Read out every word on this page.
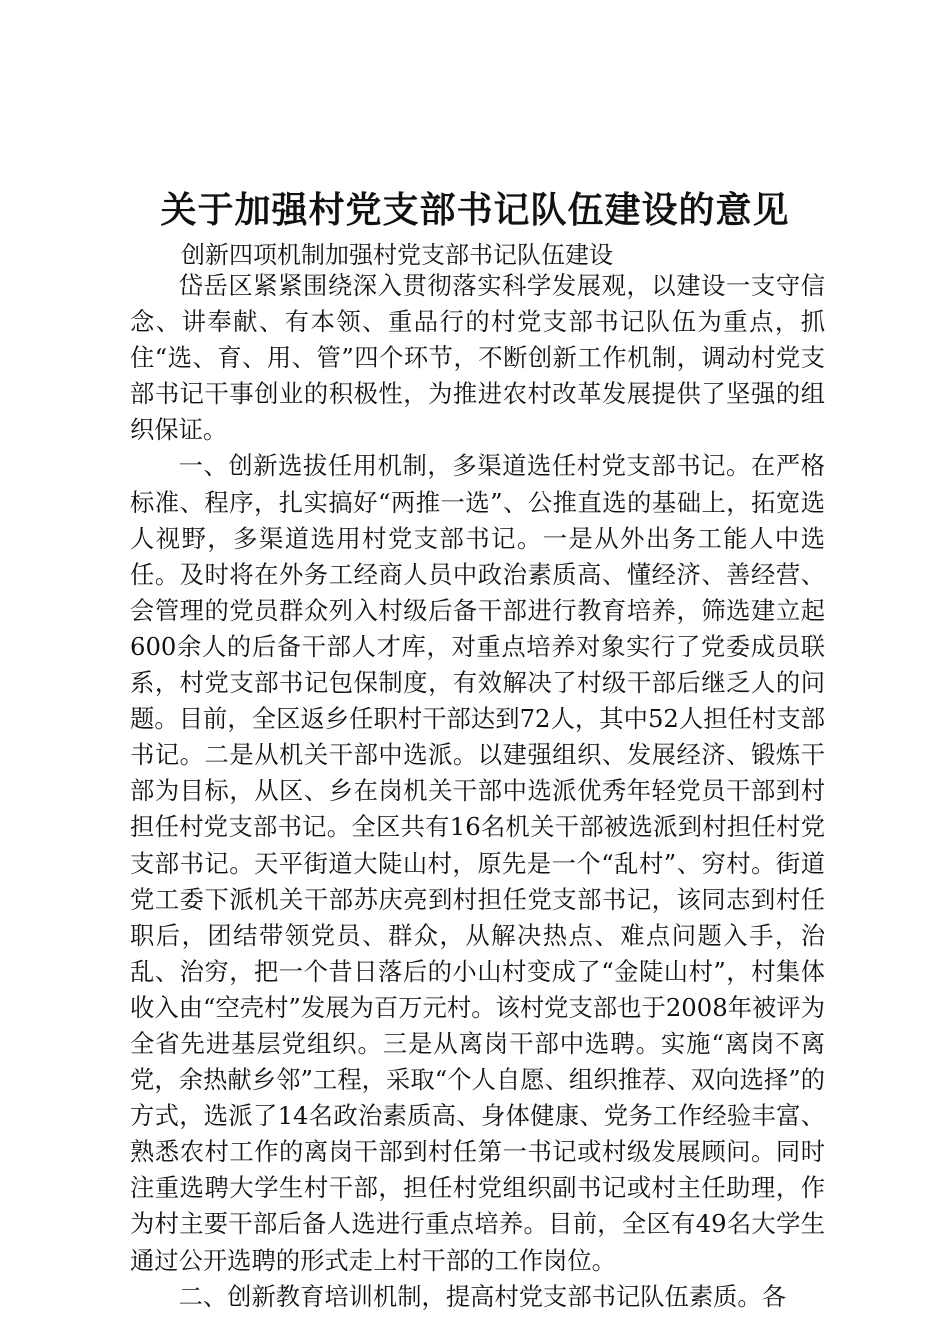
关于加强村党支部书记队伍建设的意见

创新四项机制加强村党支部书记队伍建设

岱岳区紧紧围绕深入贯彻落实科学发展观，以建设一支守信念、讲奉献、有本领、重品行的村党支部书记队伍为重点，抓住“选、育、用、管”四个环节，不断创新工作机制，调动村党支部书记干事创业的积极性，为推进农村改革发展提供了坚强的组织保证。

一、创新选拔任用机制，多渠道选任村党支部书记。在严格标准、程序，扎实搞好“两推一选”、公推直选的基础上，拓宽选人视野，多渠道选用村党支部书记。一是从外出务工能人中选任。及时将在外务工经商人员中政治素质高、懂经济、善经营、会管理的党员群众列入村级后备干部进行教育培养，筛选建立起600余人的后备干部人才库，对重点培养对象实行了党委成员联系，村党支部书记包保制度，有效解决了村级干部后继乏人的问题。目前，全区返乡任职村干部达到72人，其中52人担任村支部书记。二是从机关干部中选派。以建强组织、发展经济、锻炼干部为目标，从区、乡在岗机关干部中选派优秀年轻党员干部到村担任村党支部书记。全区共有16名机关干部被选派到村担任村党支部书记。天平街道大陡山村，原先是一个“乱村”、穷村。街道党工委下派机关干部苏庆亮到村担任党支部书记，该同志到村任职后，团结带领党员、群众，从解决热点、难点问题入手，治乱、治穷，把一个昔日落后的小山村变成了“金陡山村”，村集体收入由“空壳村”发展为百万元村。该村党支部也于2008年被评为全省先进基层党组织。三是从离岗干部中选聘。实施“离岗不离党，余热献乡邻”工程，采取“个人自愿、组织推荐、双向选择”的方式，选派了14名政治素质高、身体健康、党务工作经验丰富、熟悉农村工作的离岗干部到村任第一书记或村级发展顾问。同时注重选聘大学生村干部，担任村党组织副书记或村主任助理，作为村主要干部后备人选进行重点培养。目前，全区有49名大学生通过公开选聘的形式走上村干部的工作岗位。

二、创新教育培训机制，提高村党支部书记队伍素质。各
